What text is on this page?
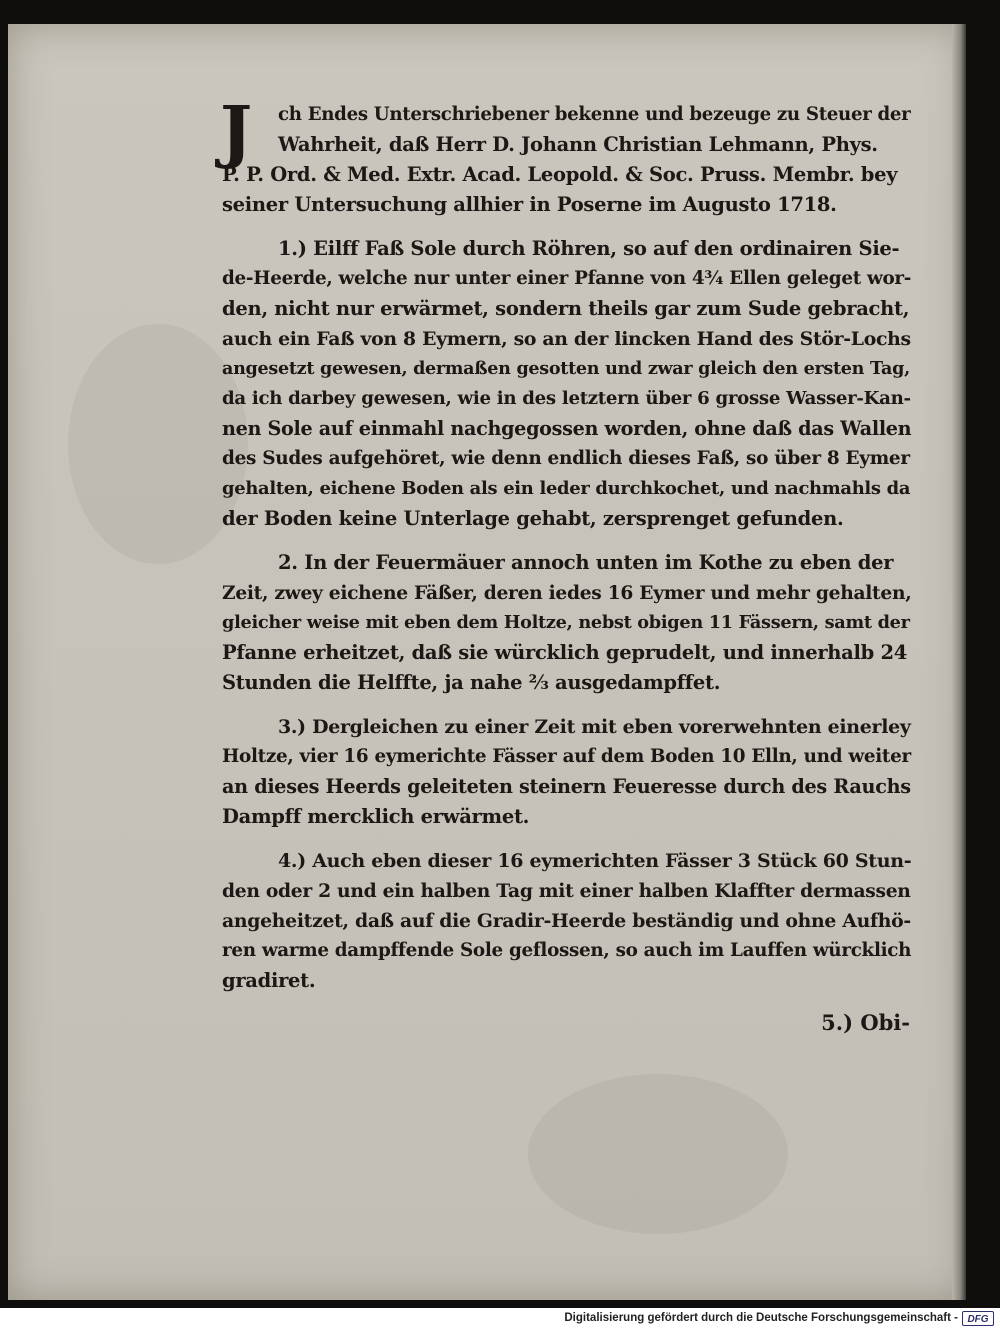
J	ch Endes Unterschriebener bekenne und bezeuge zu Steuer der
Wahrheit, daß Herr D. Johann Christian Lehmann, Phys.
P. P. Ord. & Med. Extr. Acad. Leopold. & Soc. Pruss. Membr. bey
seiner Untersuchung allhier in Poserne im Augusto 1718.
1.) Eilff Faß Sole durch Röhren, so auf den ordinairen Sie-
de-Heerde, welche nur unter einer Pfanne von 4¾ Ellen geleget wor-
den, nicht nur erwärmet, sondern theils gar zum Sude gebracht,
auch ein Faß von 8 Eymern, so an der lincken Hand des Stör-Lochs
angesetzt gewesen, dermaßen gesotten und zwar gleich den ersten Tag,
da ich darbey gewesen, wie in des letztern über 6 grosse Wasser-Kan-
nen Sole auf einmahl nachgegossen worden, ohne daß das Wallen
des Sudes aufgehöret, wie denn endlich dieses Faß, so über 8 Eymer
gehalten, eichene Boden als ein leder durchkochet, und nachmahls da
der Boden keine Unterlage gehabt, zersprenget gefunden.
2. In der Feuermäuer annoch unten im Kothe zu eben der
Zeit, zwey eichene Fäßer, deren iedes 16 Eymer und mehr gehalten,
gleicher weise mit eben dem Holtze, nebst obigen 11 Fässern, samt der
Pfanne erheitzet, daß sie würcklich geprudelt, und innerhalb 24
Stunden die Helffte, ja nahe ⅔ ausgedampffet.
3.) Dergleichen zu einer Zeit mit eben vorerwehnten einerley
Holtze, vier 16 eymerichte Fässer auf dem Boden 10 Elln, und weiter
an dieses Heerds geleiteten steinern Feueresse durch des Rauchs
Dampff mercklich erwärmet.
4.) Auch eben dieser 16 eymerichten Fässer 3 Stück 60 Stun-
den oder 2 und ein halben Tag mit einer halben Klaffter dermassen
angeheitzet, daß auf die Gradir-Heerde beständig und ohne Aufhö-
ren warme dampffende Sole geflossen, so auch im Lauffen würcklich
gradiret.
5.) Obi-
Digitalisierung gefördert durch die Deutsche Forschungsgemeinschaft - DFG
